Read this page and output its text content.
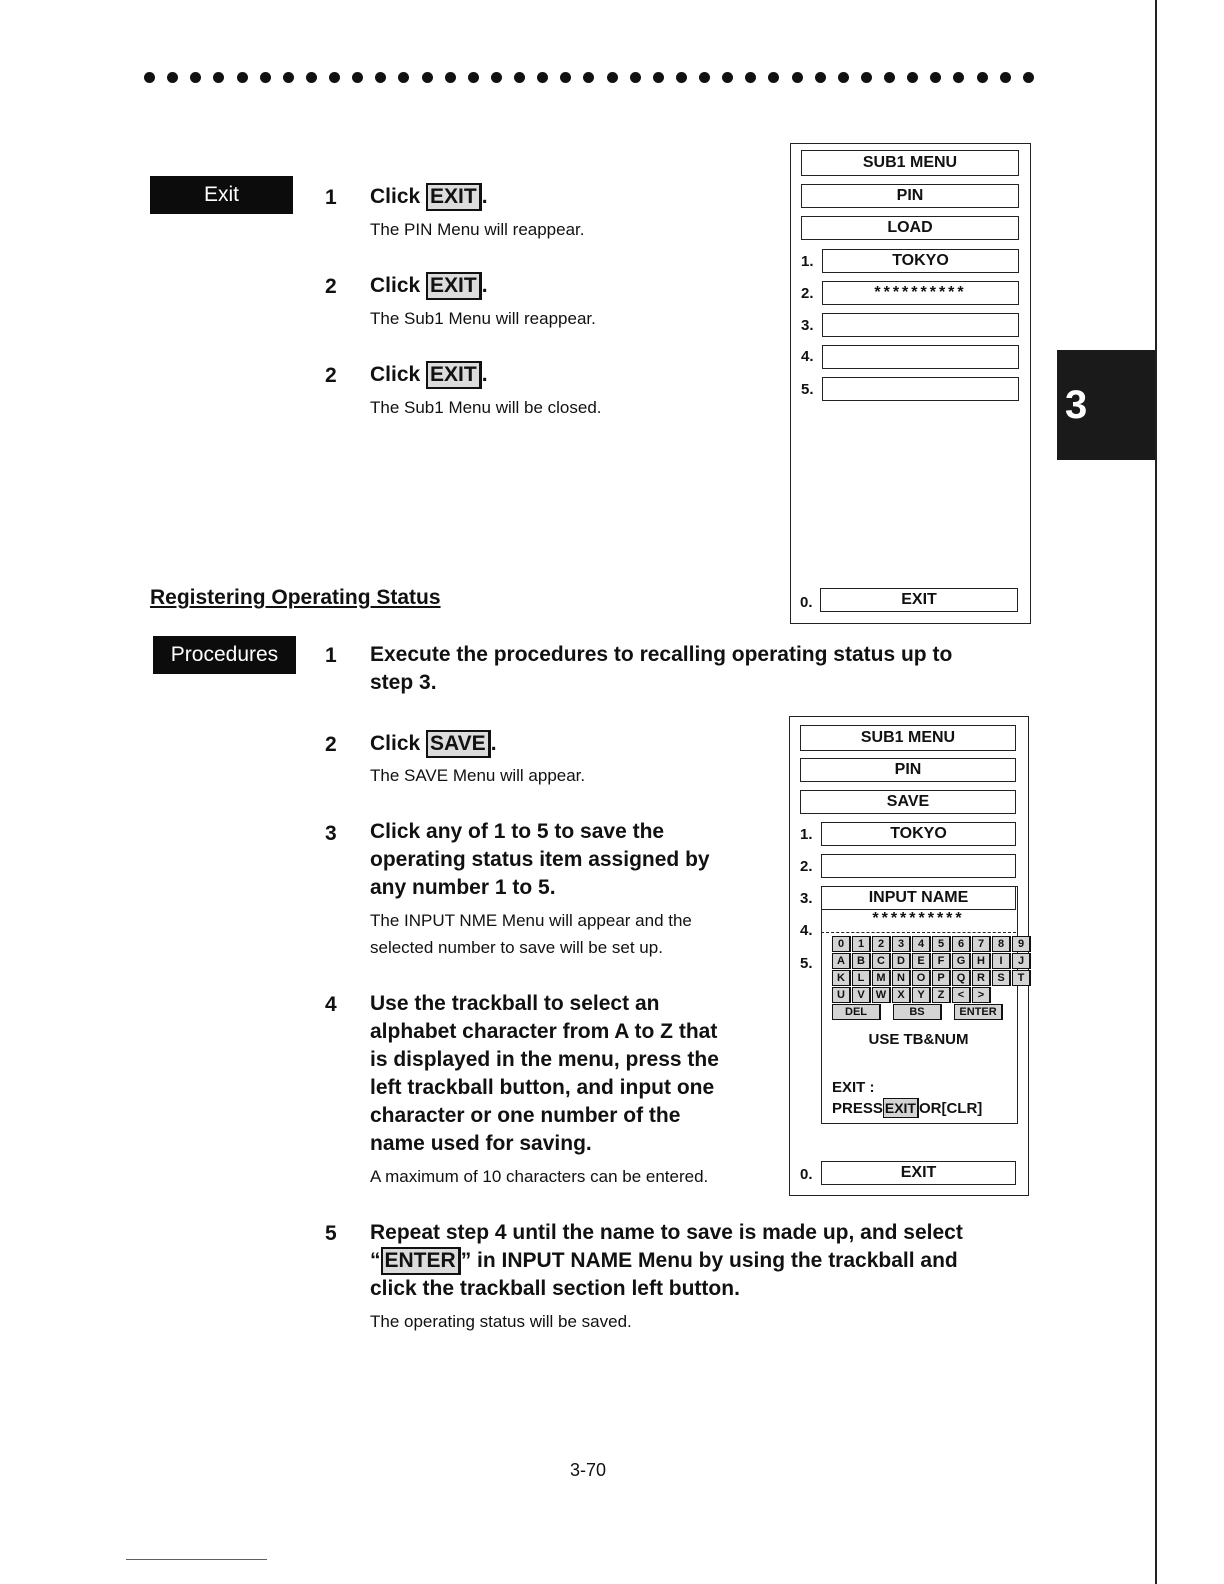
3
Exit	1 Click EXIT .
The PIN Menu will reappear.
2 Click EXIT .
The Sub1 Menu will reappear.
2 Click EXIT .
The Sub1 Menu will be closed.
SUB1 MENU
PIN
LOAD
1.	TOKYO
2.	**********
3.
4.
5.
0.	EXIT
Registering Operating Status
Procedures	1 Execute the procedures to recalling operating status up to
step 3.
2 Click SAVE .
The SAVE Menu will appear.
3 Click any of 1 to 5 to save the
operating status item assigned by
any number 1 to 5.
The INPUT NME Menu will appear and the
selected number to save will be set up.
4 Use the trackball to select an
alphabet character from A to Z that
is displayed in the menu, press the
left trackball button, and input one
character or one number of the
name used for saving.
A maximum of 10 characters can be entered.
5 Repeat step 4 until the name to save is made up, and select
“ ENTER ” in INPUT NAME Menu by using the trackball and
click the trackball section left button.
The operating status will be saved.
SUB1 MENU
PIN
SAVE
1.	TOKYO
2.
3.
4.
5.
INPUT NAME
**********
0	1	2	3	4	5	6	7	8	9
A	B	C	D	E	F	G	H	I	J
K	L	M	N	O	P	Q	R	S	T
U	V	W	X	Y	Z	<	>
DEL	BS	ENTER
USE TB&NUM
EXIT :
PRESS EXIT OR[CLR]
0.	EXIT
3-70
